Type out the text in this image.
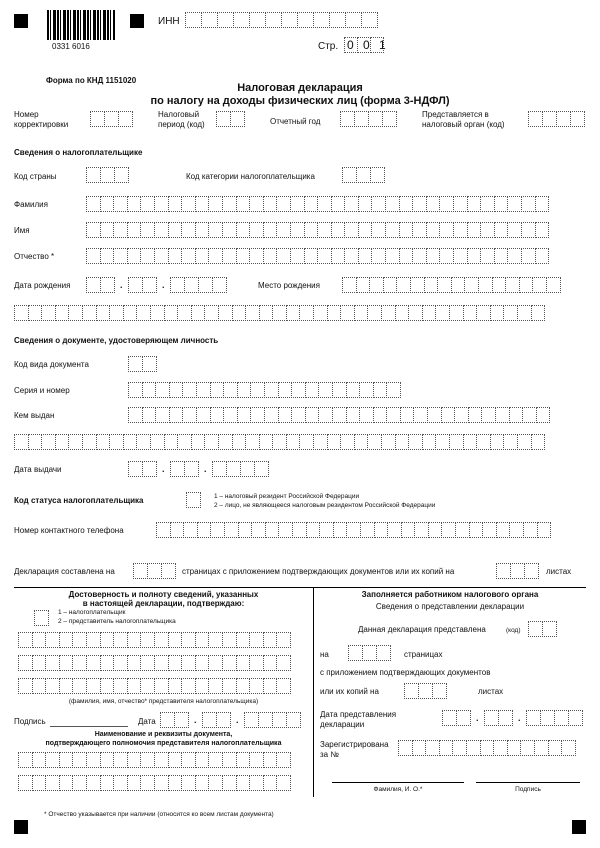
0331 6016
ИНН
Стр. 0 0 1
Форма по КНД 1151020
Налоговая декларация
по налогу на доходы физических лиц (форма 3-НДФЛ)
Номер
корректировки
Налоговый
период (код)	Отчетный год
Представляется в
налоговый орган (код)
Сведения о налогоплательщике
Код страны	Код категории налогоплательщика
Фамилия
Имя
Отчество *
Дата рождения	.	.	Место рождения
Сведения о документе, удостоверяющем личность
Код вида документа
Серия и номер
Кем выдан
Дата выдачи	.	.
Код статуса налогоплательщика	1 – налоговый резидент Российской Федерации
2 – лицо, не являющееся налоговым резидентом Российской Федерации
Номер контактного телефона
Декларация составлена на	страницах с приложением подтверждающих документов или их копий на	листах
Достоверность и полноту сведений, указанных
в настоящей декларации, подтверждаю:
1 – налогоплательщик
2 – представитель налогоплательщика
(фамилия, имя, отчество* представителя налогоплательщика)
Подпись	Дата	.	.
Наименование и реквизиты документа,
подтверждающего полномочия представителя налогоплательщика
Заполняется работником налогового органа
Сведения о представлении декларации
Данная декларация представлена	(код)
на	страницах
с приложением подтверждающих документов
или их копий на	листах
Дата представления
декларации
.	.
Зарегистрирована
за №
Фамилия, И. О.*	Подпись
* Отчество указывается при наличии (относится ко всем листам документа)
